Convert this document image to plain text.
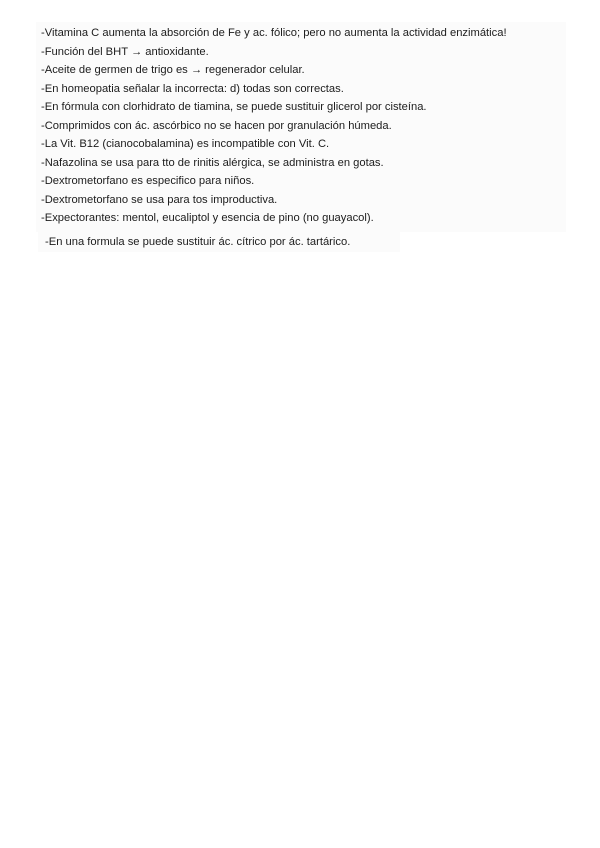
-Vitamina C aumenta la absorción de Fe y ac. fólico; pero no aumenta la actividad enzimática!
-Función del BHT → antioxidante.
-Aceite de germen de trigo es → regenerador celular.
-En homeopatia señalar la incorrecta: d) todas son correctas.
-En fórmula con clorhidrato de tiamina, se puede sustituir glicerol por cisteína.
-Comprimidos con ác. ascórbico no se hacen por granulación húmeda.
-La Vit. B12 (cianocobalamina) es incompatible con Vit. C.
-Nafazolina se usa para tto de rinitis alérgica, se administra en gotas.
-Dextrometorfano es especifico para niños.
-Dextrometorfano se usa para tos improductiva.
-Expectorantes: mentol, eucaliptol y esencia de pino (no guayacol).
-En una formula se puede sustituir ác. cítrico por ác. tartárico.
